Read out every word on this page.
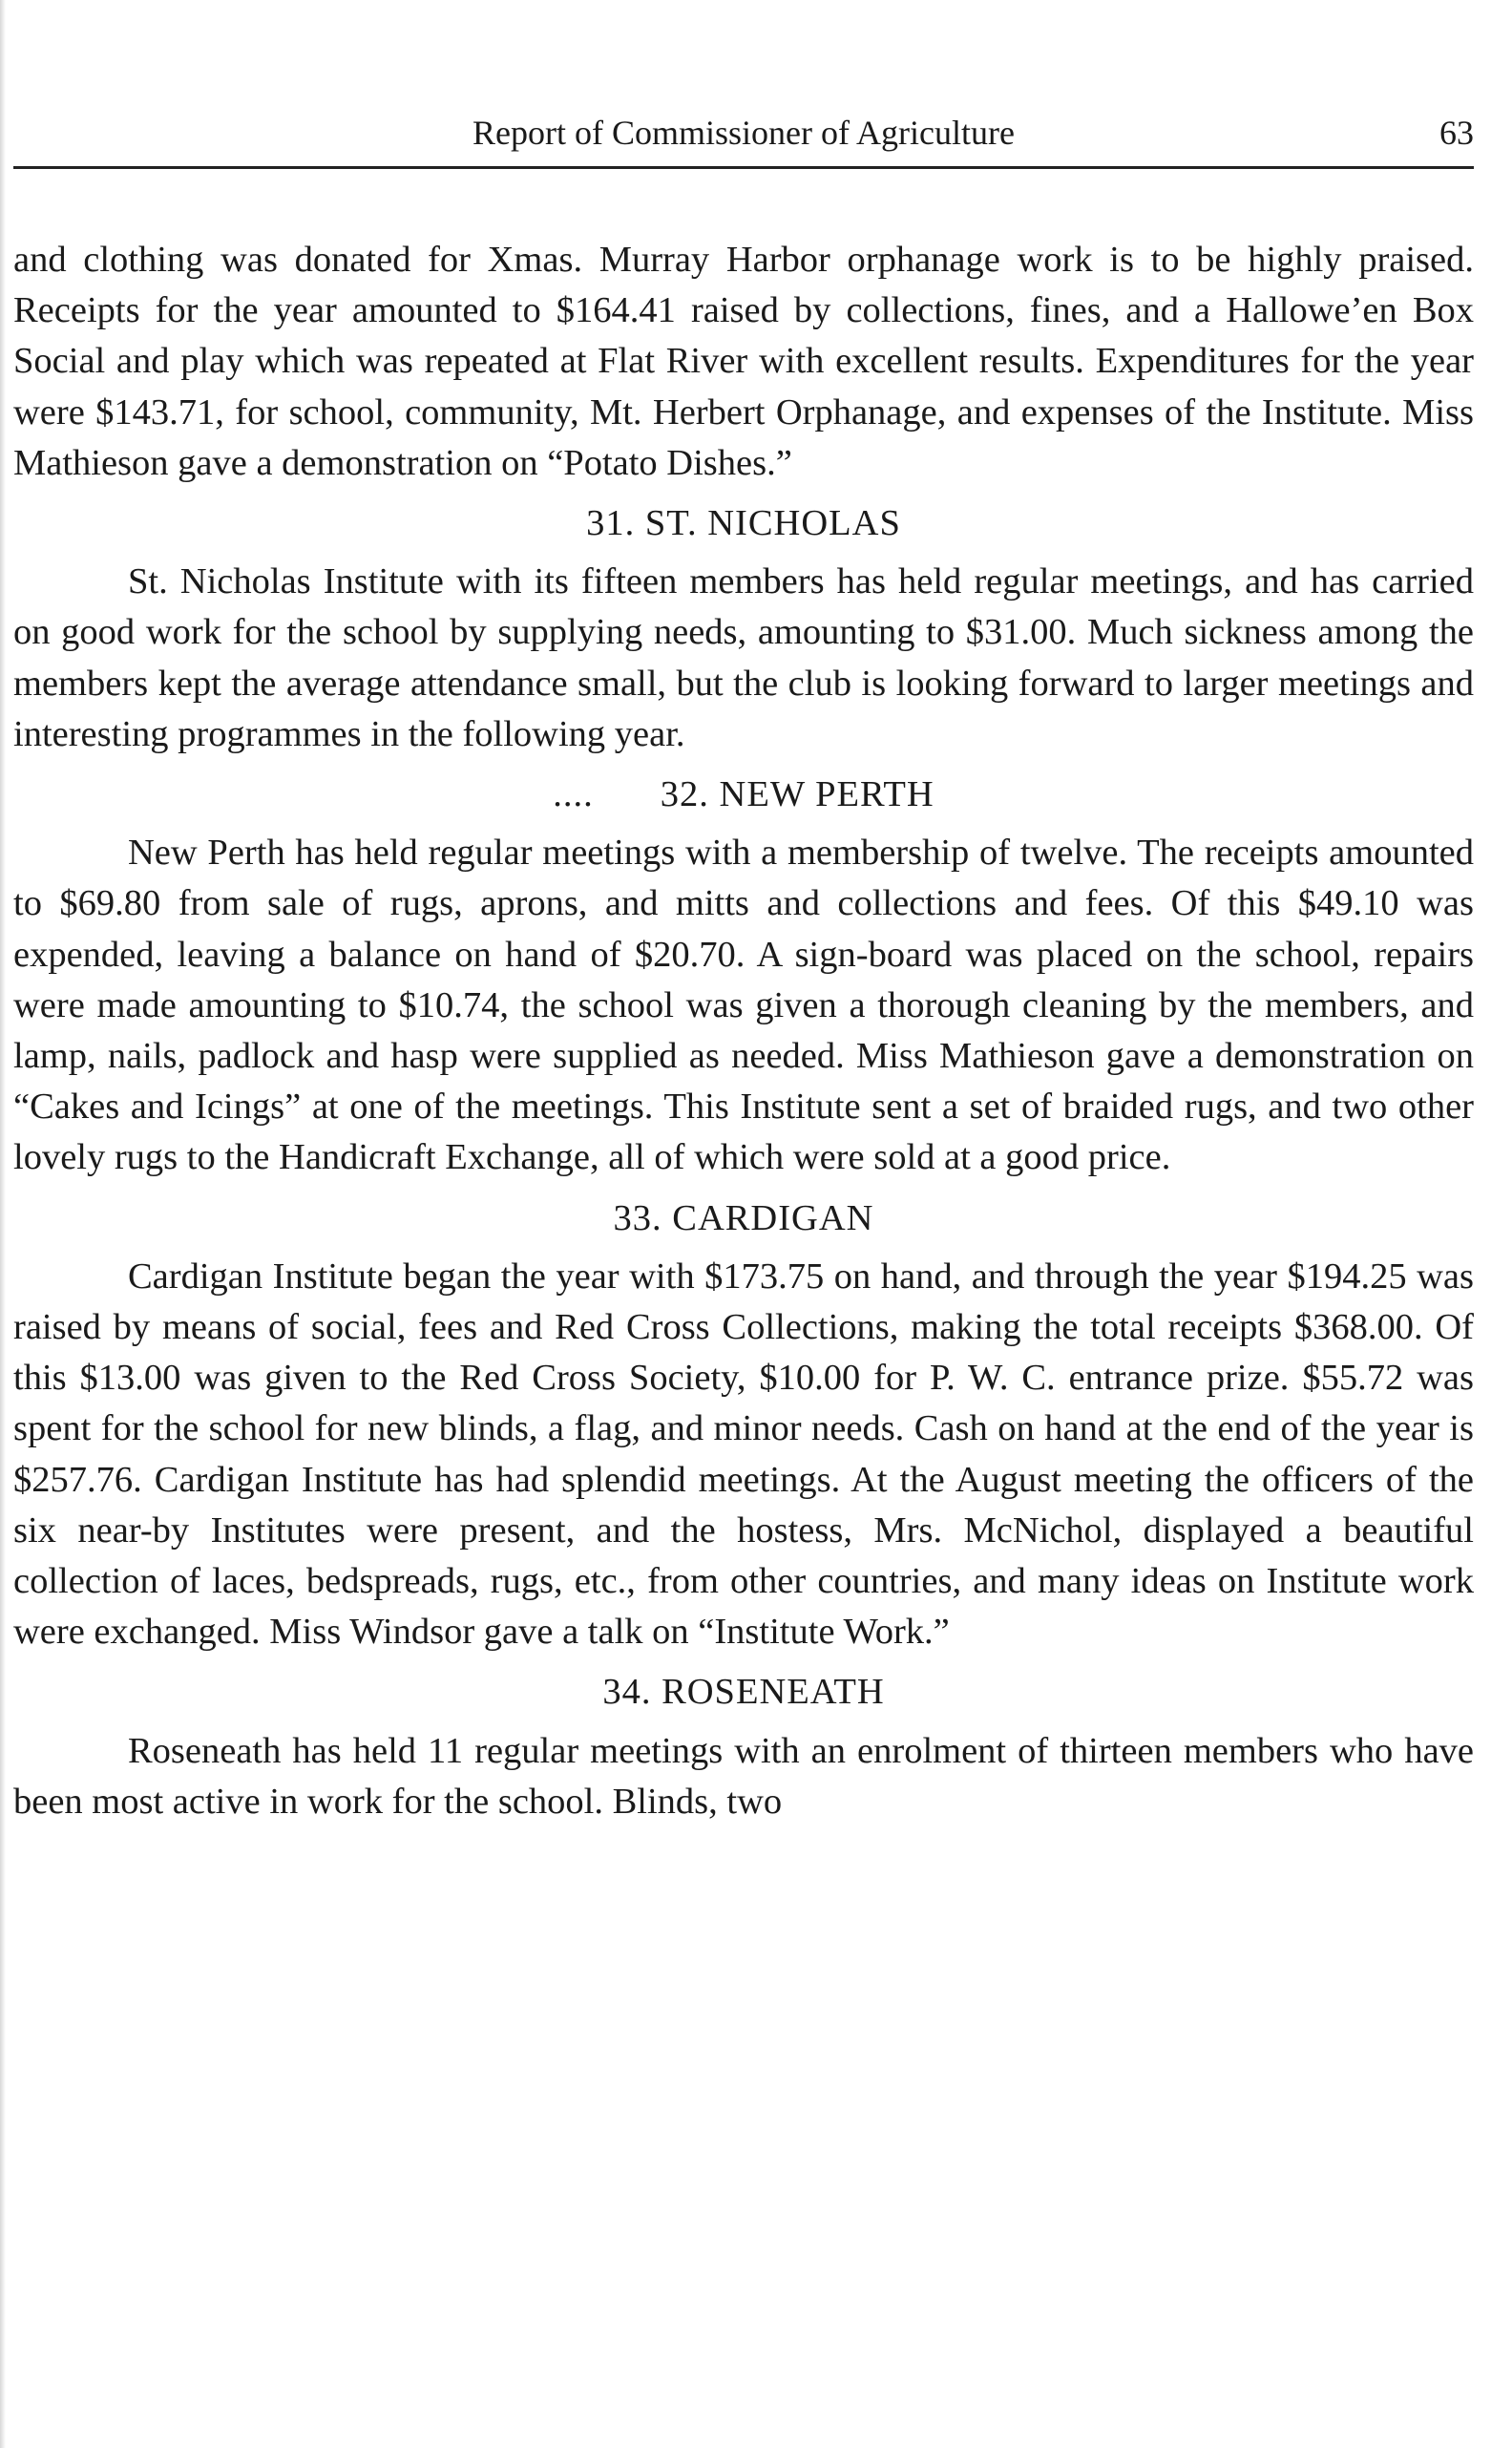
Report of Commissioner of Agriculture	63

and clothing was donated for Xmas. Murray Harbor orphanage work is to be highly praised. Receipts for the year amounted to $164.41 raised by collections, fines, and a Hallowe’en Box Social and play which was repeated at Flat River with excellent results. Expenditures for the year were $143.71, for school, community, Mt. Herbert Orphanage, and expenses of the Institute. Miss Mathieson gave a demonstration on “Potato Dishes.”

31. ST. NICHOLAS

St. Nicholas Institute with its fifteen members has held regular meetings, and has carried on good work for the school by supplying needs, amounting to $31.00. Much sickness among the members kept the average attendance small, but the club is looking forward to larger meetings and interesting programmes in the following year.

.... 32. NEW PERTH

New Perth has held regular meetings with a membership of twelve. The receipts amounted to $69.80 from sale of rugs, aprons, and mitts and collections and fees. Of this $49.10 was expended, leaving a balance on hand of $20.70. A sign-board was placed on the school, repairs were made amounting to $10.74, the school was given a thorough cleaning by the members, and lamp, nails, padlock and hasp were supplied as needed. Miss Mathieson gave a demonstration on “Cakes and Icings” at one of the meetings. This Institute sent a set of braided rugs, and two other lovely rugs to the Handicraft Exchange, all of which were sold at a good price.

33. CARDIGAN

Cardigan Institute began the year with $173.75 on hand, and through the year $194.25 was raised by means of social, fees and Red Cross Collections, making the total receipts $368.00. Of this $13.00 was given to the Red Cross Society, $10.00 for P. W. C. entrance prize. $55.72 was spent for the school for new blinds, a flag, and minor needs. Cash on hand at the end of the year is $257.76. Cardigan Institute has had splendid meetings. At the August meeting the officers of the six near-by Institutes were present, and the hostess, Mrs. McNichol, displayed a beautiful collection of laces, bedspreads, rugs, etc., from other countries, and many ideas on Institute work were exchanged. Miss Windsor gave a talk on “Institute Work.”

34. ROSENEATH

Roseneath has held 11 regular meetings with an enrolment of thirteen members who have been most active in work for the school. Blinds, two
